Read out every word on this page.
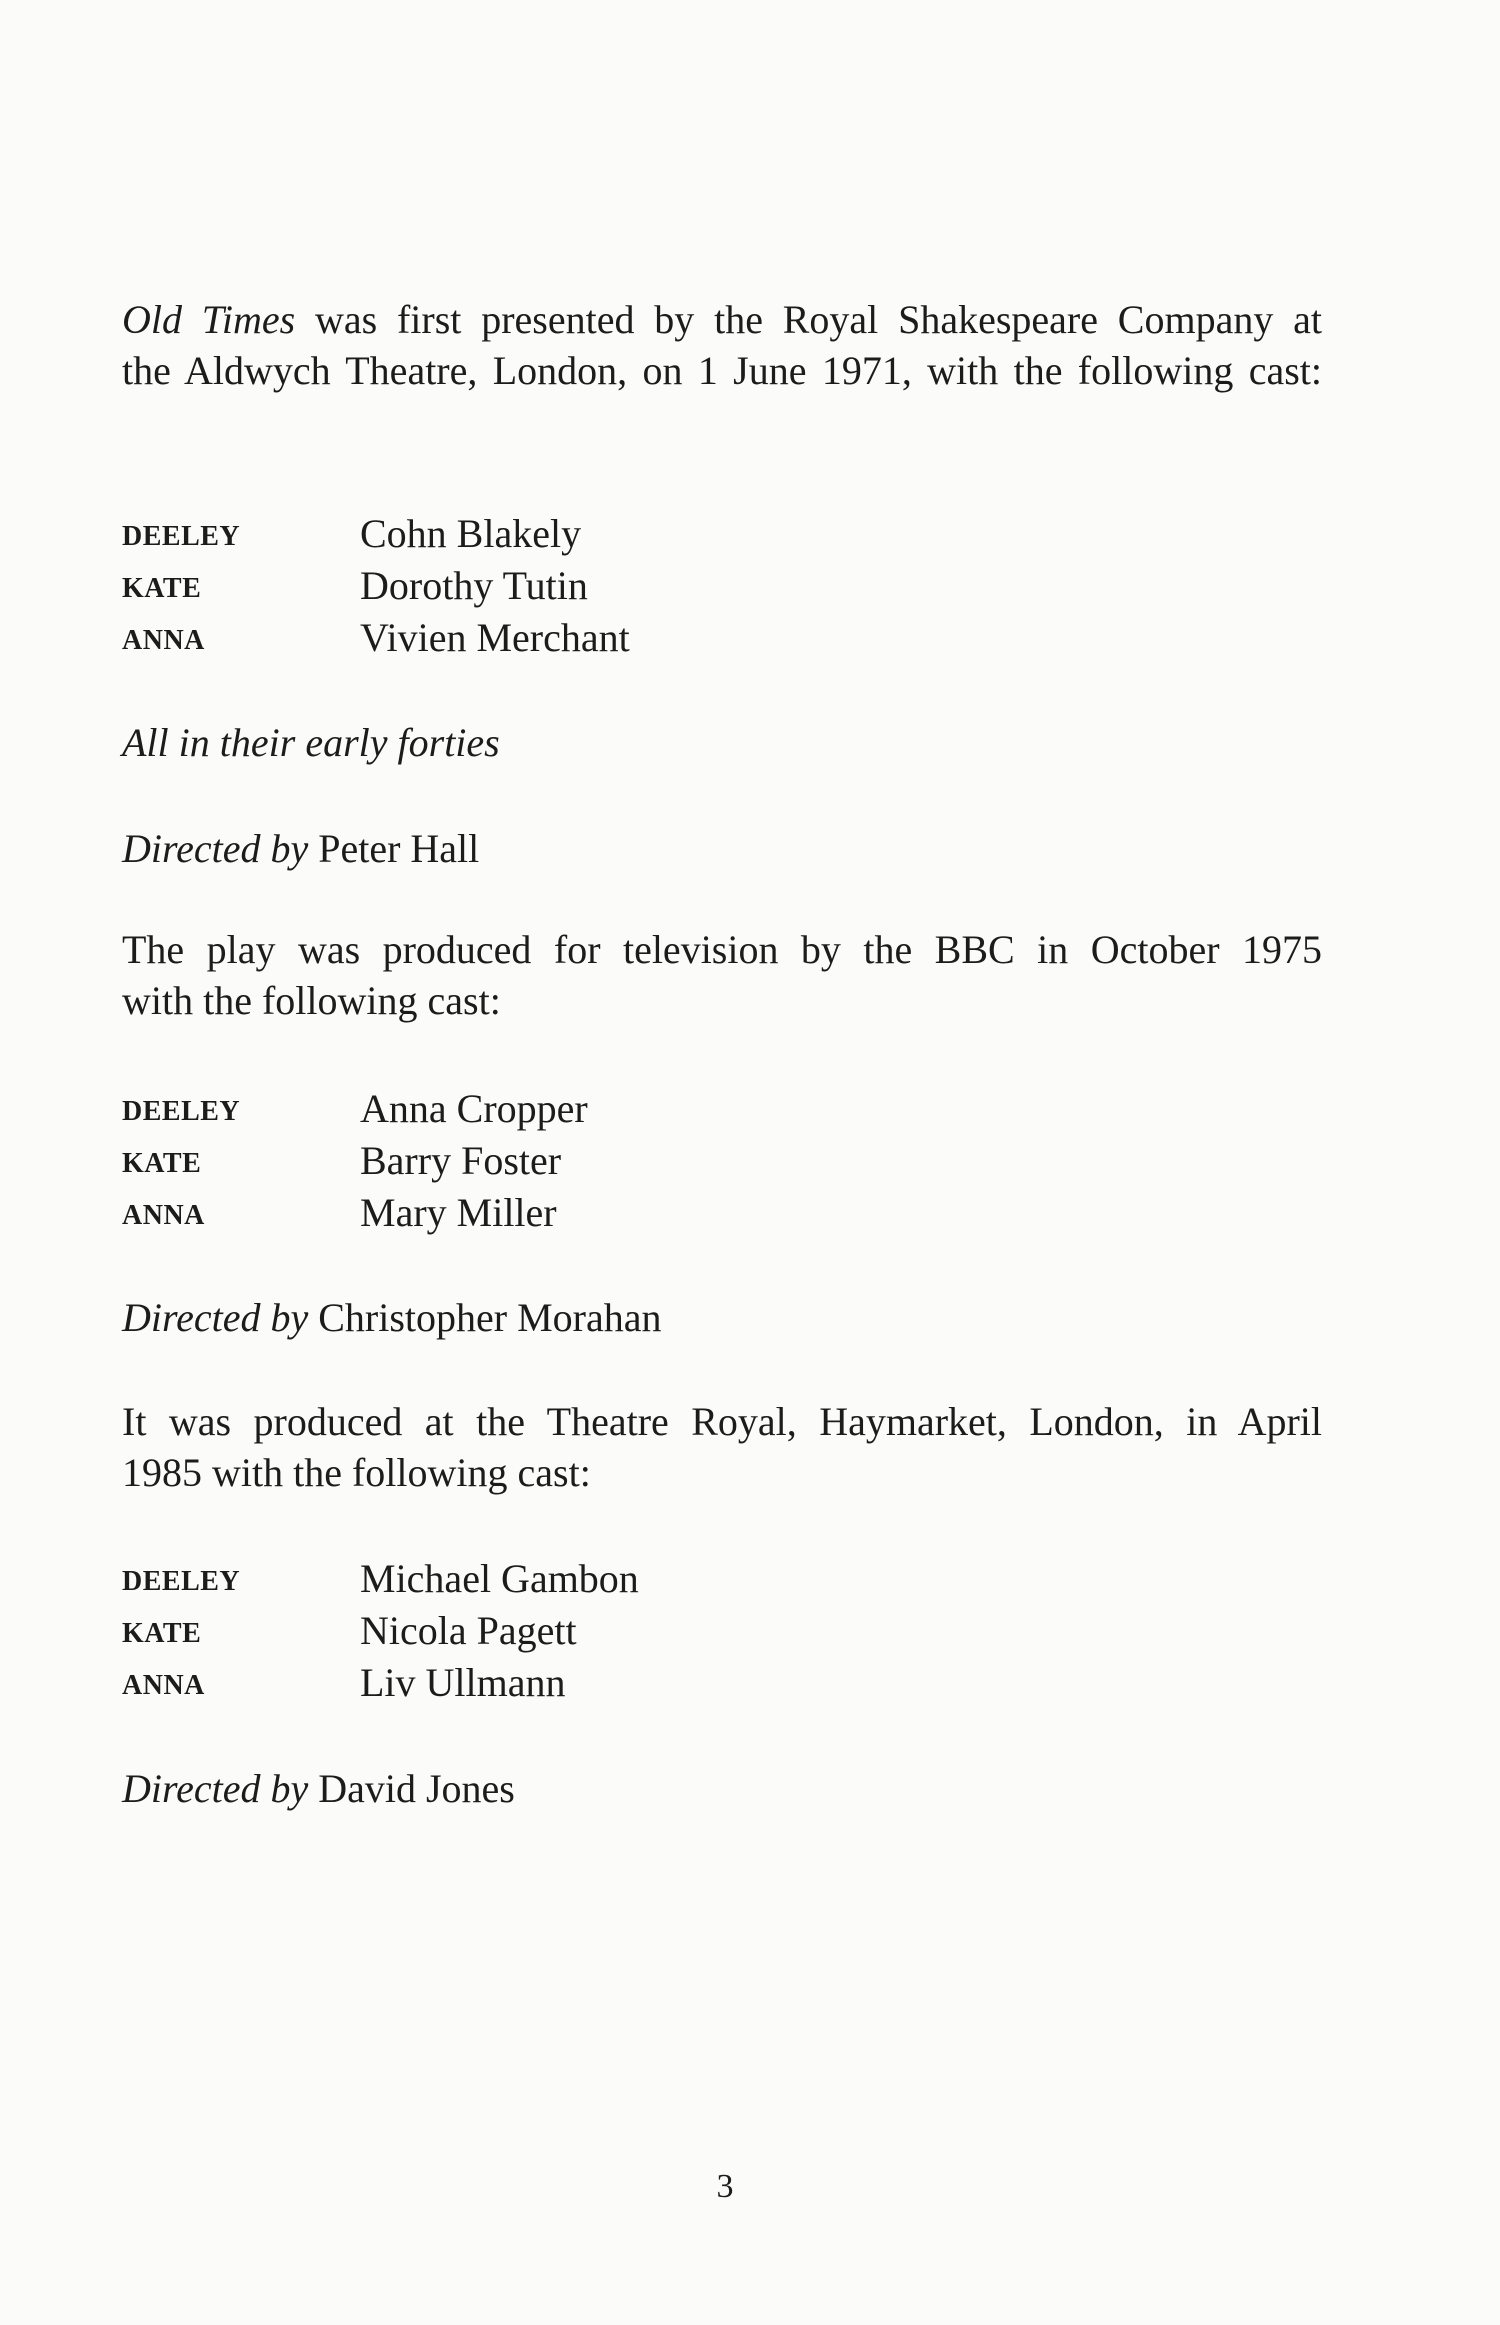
Old Times was first presented by the Royal Shakespeare Company at
the Aldwych Theatre, London, on 1 June 1971, with the following cast:
DEELEY	Cohn Blakely
KATE	Dorothy Tutin
ANNA	Vivien Merchant
All in their early forties
Directed by Peter Hall
The play was produced for television by the BBC in October 1975
with the following cast:
DEELEY	Anna Cropper
KATE	Barry Foster
ANNA	Mary Miller
Directed by Christopher Morahan
It was produced at the Theatre Royal, Haymarket, London, in April
1985 with the following cast:
DEELEY	Michael Gambon
KATE	Nicola Pagett
ANNA	Liv Ullmann
Directed by David Jones
3
